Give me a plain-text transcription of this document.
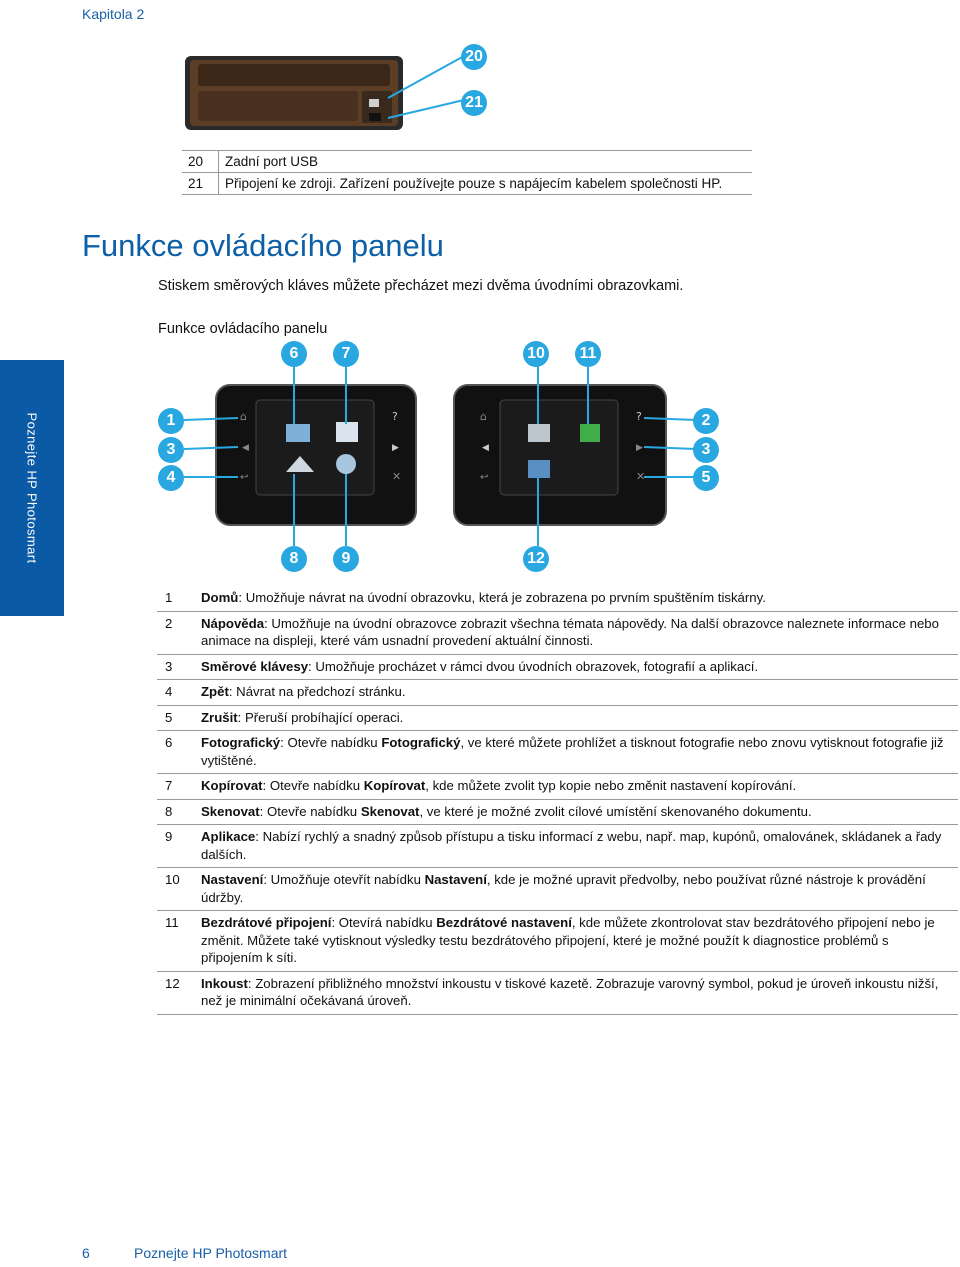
Kapitola 2
20
21
20	Zadní port USB
21	Připojení ke zdroji. Zařízení používejte pouze s napájecím kabelem společnosti HP.
Funkce ovládacího panelu
Stiskem směrových kláves můžete přecházet mezi dvěma úvodními obrazovkami.
Funkce ovládacího panelu
Poznejte HP Photosmart	⌂
◀
↩
?
▶
✕
⌂
◀
↩
?
▶
✕
1	2
3	3
4	5
6	7
8	9
10 11
12
1	Domů: Umožňuje návrat na úvodní obrazovku, která je zobrazena po prvním spuštěním tiskárny.
2	Nápověda: Umožňuje na úvodní obrazovce zobrazit všechna témata nápovědy. Na další obrazovce naleznete informace nebo animace na displeji, které vám usnadní provedení aktuální činnosti.
3	Směrové klávesy: Umožňuje procházet v rámci dvou úvodních obrazovek, fotografií a aplikací.
4	Zpět: Návrat na předchozí stránku.
5	Zrušit: Přeruší probíhající operaci.
6	Fotografický: Otevře nabídku Fotografický, ve které můžete prohlížet a tisknout fotografie nebo znovu vytisknout fotografie již vytištěné.
7	Kopírovat: Otevře nabídku Kopírovat, kde můžete zvolit typ kopie nebo změnit nastavení kopírování.
8	Skenovat: Otevře nabídku Skenovat, ve které je možné zvolit cílové umístění skenovaného dokumentu.
9	Aplikace: Nabízí rychlý a snadný způsob přístupu a tisku informací z webu, např. map, kupónů, omalovánek, skládanek a řady dalších.
10	Nastavení: Umožňuje otevřít nabídku Nastavení, kde je možné upravit předvolby, nebo používat různé nástroje k provádění údržby.
11	Bezdrátové připojení: Otevírá nabídku Bezdrátové nastavení, kde můžete zkontrolovat stav bezdrátového připojení nebo je změnit. Můžete také vytisknout výsledky testu bezdrátového připojení, které je možné použít k diagnostice problémů s připojením k síti.
12	Inkoust: Zobrazení přibližného množství inkoustu v tiskové kazetě. Zobrazuje varovný symbol, pokud je úroveň inkoustu nižší, než je minimální očekávaná úroveň.
6	Poznejte HP Photosmart
